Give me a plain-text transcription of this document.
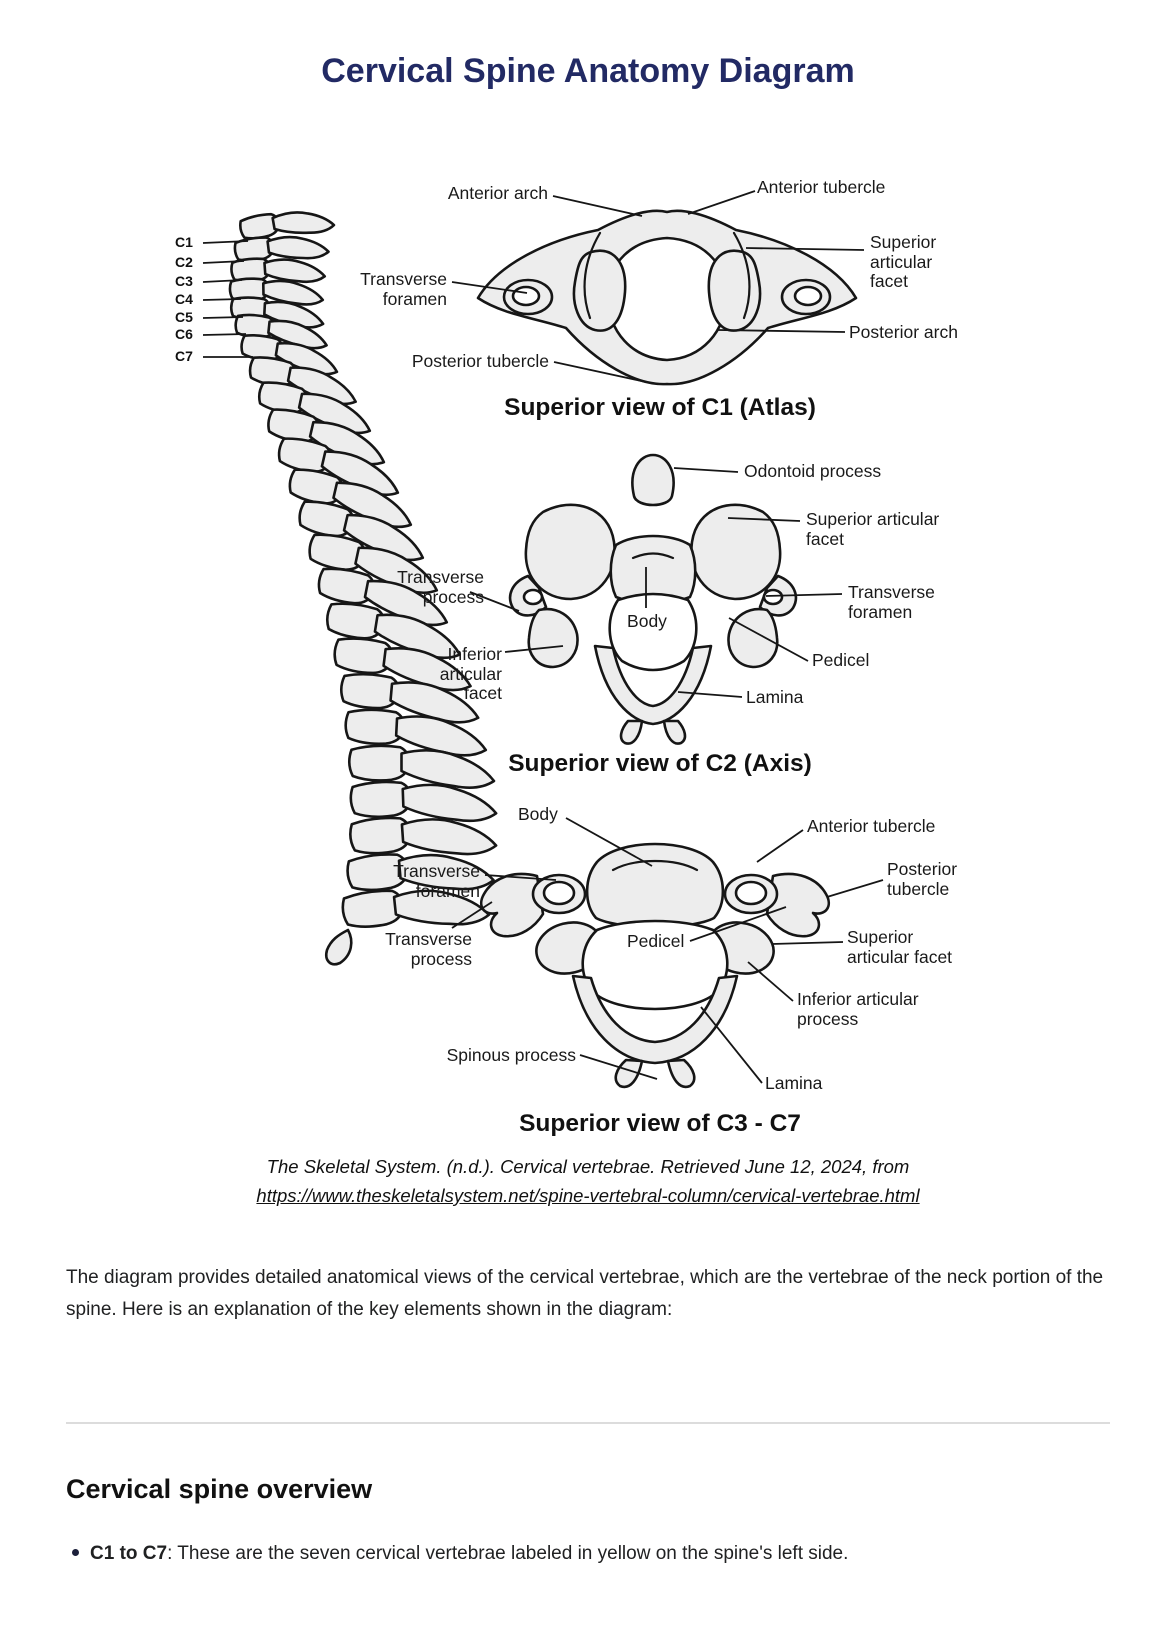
Cervical Spine Anatomy Diagram
C1
C2
C3
C4
C5
C6
C7
Anterior arch	Anterior tubercle
Transverse foramen
Superior articular facet
Posterior arch
Posterior tubercle
Superior view of C1 (Atlas)
Odontoid process
Superior articular facet
Transverse process	Transverse foramen
Body
Inferior articular facet
Pedicel
Lamina
Superior view of C2 (Axis)
Body
Anterior tubercle
Transverse foramen
Posterior tubercle
Transverse process
Pedicel	Superior articular facet
Inferior articular process
Spinous process
Lamina
Superior view of C3 - C7
The Skeletal System. (n.d.). Cervical vertebrae. Retrieved June 12, 2024, from
https://www.theskeletalsystem.net/spine-vertebral-column/cervical-vertebrae.html
The diagram provides detailed anatomical views of the cervical vertebrae, which are the vertebrae of the neck portion of the spine. Here is an explanation of the key elements shown in the diagram:
Cervical spine overview
C1 to C7: These are the seven cervical vertebrae labeled in yellow on the spine's left side.
